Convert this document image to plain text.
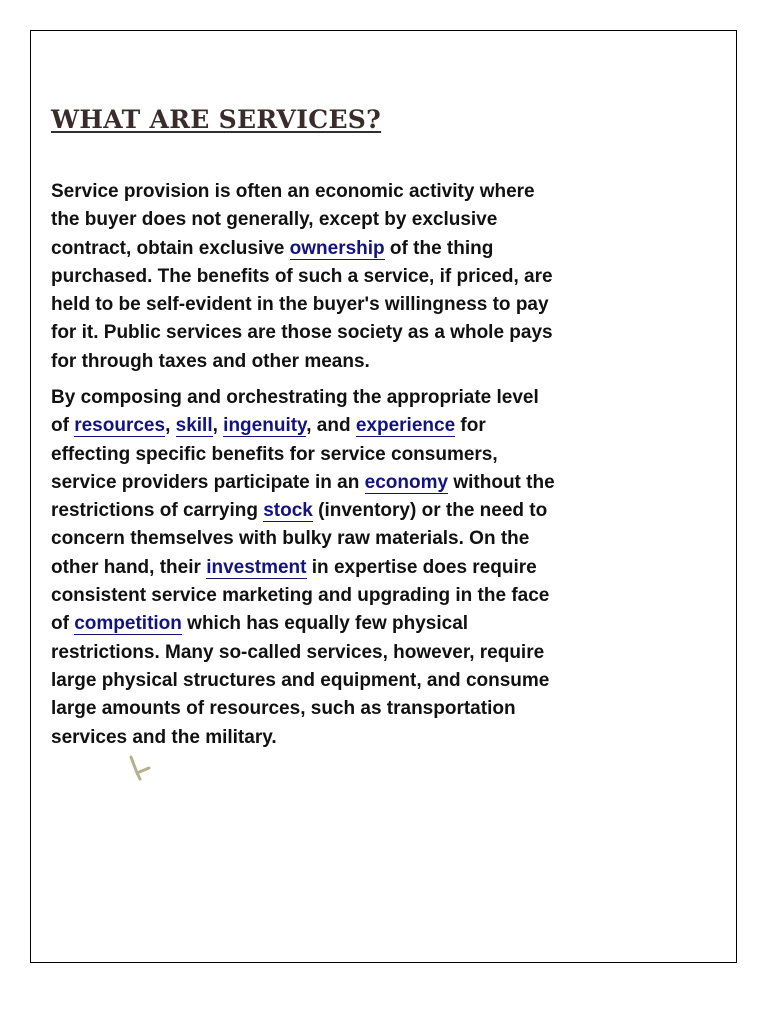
WHAT ARE SERVICES?

Service provision is often an economic activity where
the buyer does not generally, except by exclusive
contract, obtain exclusive ownership of the thing
purchased. The benefits of such a service, if priced, are
held to be self-evident in the buyer's willingness to pay
for it. Public services are those society as a whole pays
for through taxes and other means.

By composing and orchestrating the appropriate level
of resources, skill, ingenuity, and experience for
effecting specific benefits for service consumers,
service providers participate in an economy without the
restrictions of carrying stock (inventory) or the need to
concern themselves with bulky raw materials. On the
other hand, their investment in expertise does require
consistent service marketing and upgrading in the face
of competition which has equally few physical
restrictions. Many so-called services, however, require
large physical structures and equipment, and consume
large amounts of resources, such as transportation
services and the military.
